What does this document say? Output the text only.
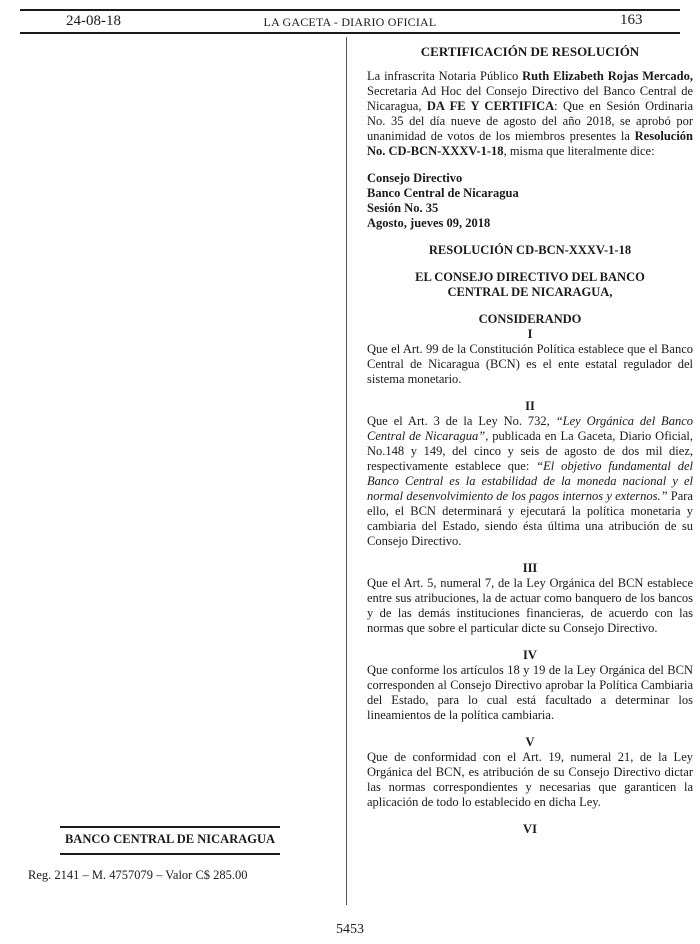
24-08-18	LA GACETA - DIARIO OFICIAL	163
BANCO CENTRAL DE NICARAGUA
Reg. 2141 – M. 4757079 – Valor C$ 285.00

CERTIFICACIÓN DE RESOLUCIÓN

La infrascrita Notaria Público Ruth Elizabeth Rojas Mercado, Secretaria Ad Hoc del Consejo Directivo del Banco Central de Nicaragua, DA FE Y CERTIFICA: Que en Sesión Ordinaria No. 35 del día nueve de agosto del año 2018, se aprobó por unanimidad de votos de los miembros presentes la Resolución No. CD-BCN-XXXV-1-18, misma que literalmente dice:

Consejo Directivo

Banco Central de Nicaragua

Sesión No. 35

Agosto, jueves 09, 2018

RESOLUCIÓN CD-BCN-XXXV-1-18

EL CONSEJO DIRECTIVO DEL BANCO

CENTRAL DE NICARAGUA,

CONSIDERANDO

I

Que el Art. 99 de la Constitución Política establece que el Banco Central de Nicaragua (BCN) es el ente estatal regulador del sistema monetario.

II

Que el Art. 3 de la Ley No. 732, “Ley Orgánica del Banco Central de Nicaragua”, publicada en La Gaceta, Diario Oficial, No.148 y 149, del cinco y seis de agosto de dos mil diez, respectivamente establece que: “El objetivo fundamental del Banco Central es la estabilidad de la moneda nacional y el normal desenvolvimiento de los pagos internos y externos.” Para ello, el BCN determinará y ejecutará la política monetaria y cambiaria del Estado, siendo ésta última una atribución de su Consejo Directivo.

III

Que el Art. 5, numeral 7, de la Ley Orgánica del BCN establece entre sus atribuciones, la de actuar como banquero de los bancos y de las demás instituciones financieras, de acuerdo con las normas que sobre el particular dicte su Consejo Directivo.

IV

Que conforme los artículos 18 y 19 de la Ley Orgánica del BCN corresponden al Consejo Directivo aprobar la Política Cambiaria del Estado, para lo cual está facultado a determinar los lineamientos de la política cambiaria.

V

Que de conformidad con el Art. 19, numeral 21, de la Ley Orgánica del BCN, es atribución de su Consejo Directivo dictar las normas correspondientes y necesarias que garanticen la aplicación de todo lo establecido en dicha Ley.

VI

5453
